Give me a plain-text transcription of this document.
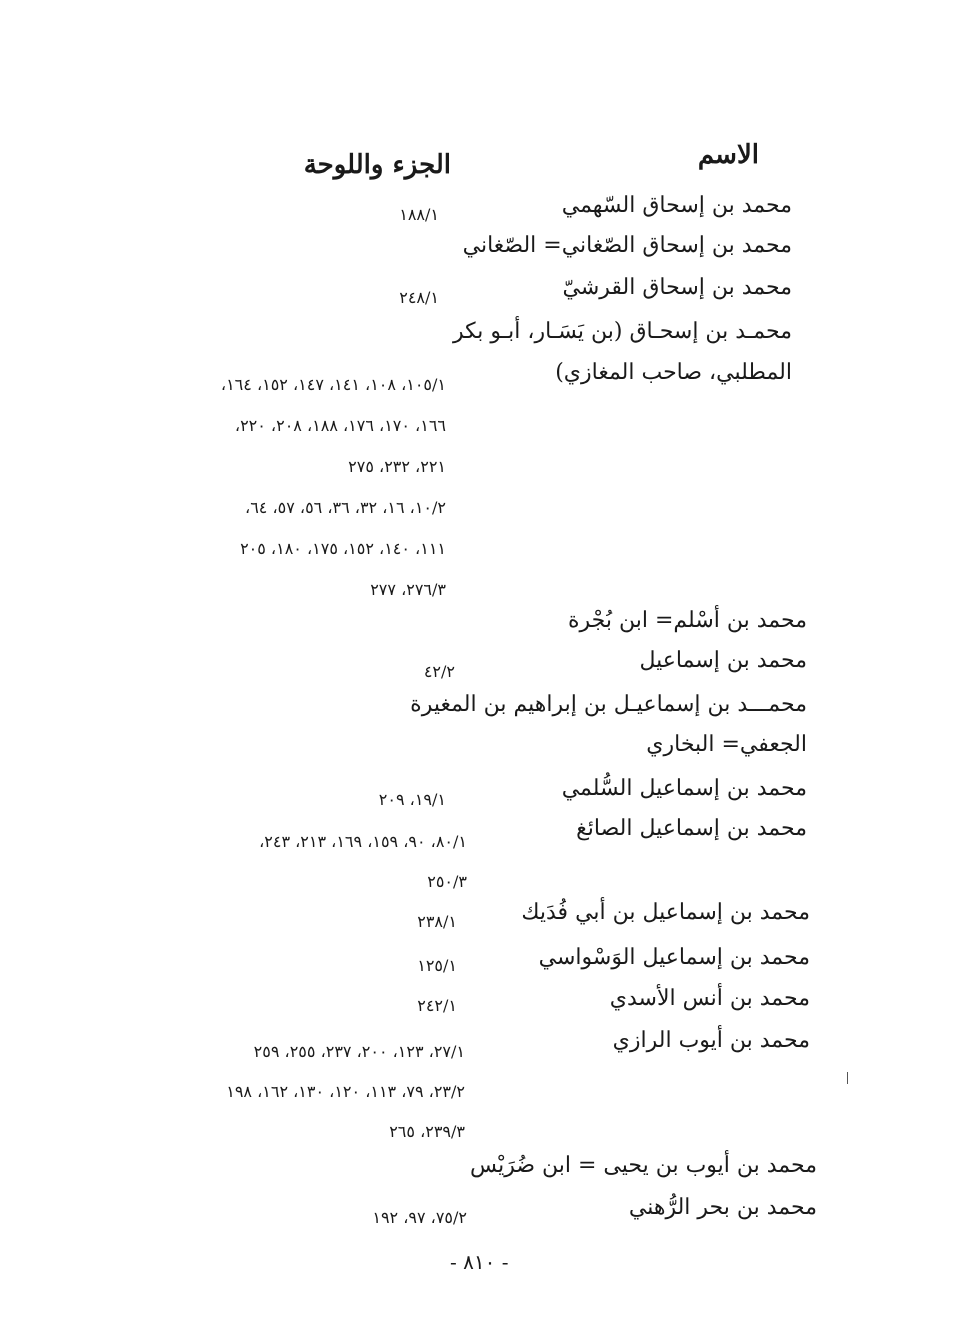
الاسم
الجزء واللوحة
محمد بن إسحاق السّهمي
١٨٨/١
محمد بن إسحاق الصّغاني= الصّغاني
محمد بن إسحاق القرشيّ
٢٤٨/١
محمـد بن إسحـاق (بن يَسَـار، أبـو بكر
المطلبي، صاحب المغازي)
١٠٥/١، ١٠٨، ١٤١، ١٤٧، ١٥٢، ١٦٤،
١٦٦، ١٧٠، ١٧٦، ١٨٨، ٢٠٨، ٢٢٠،
٢٢١، ٢٣٢، ٢٧٥
١٠/٢، ١٦، ٣٢، ٣٦، ٥٦، ٥٧، ٦٤،
١١١، ١٤٠، ١٥٢، ١٧٥، ١٨٠، ٢٠٥
٢٧٦/٣، ٢٧٧
محمد بن أسْلم= ابن بُجْرة
محمد بن إسماعيل
٤٢/٢
محمـــد بن إسماعيـل بن إبراهيم بن المغيرة
الجعفي= البخاري
محمد بن إسماعيل السُّلمي
١٩/١، ٢٠٩
محمد بن إسماعيل الصائغ
٨٠/١، ٩٠، ١٥٩، ١٦٩، ٢١٣، ٢٤٣،
٢٥٠/٣
محمد بن إسماعيل بن أبي فُدَيك
٢٣٨/١
محمد بن إسماعيل الوَسْواسي
١٢٥/١
محمد بن أنس الأسدي
٢٤٢/١
محمد بن أيوب الرازي
٢٧/١، ١٢٣، ٢٠٠، ٢٣٧، ٢٥٥، ٢٥٩
٢٣/٢، ٧٩، ١١٣، ١٢٠، ١٣٠، ١٦٢، ١٩٨
٢٣٩/٣، ٢٦٥
محمد بن أيوب بن يحيى = ابن ضُرَيْس
محمد بن بحر الرُّهني
٧٥/٢، ٩٧، ١٩٢
- ٨١٠ -
